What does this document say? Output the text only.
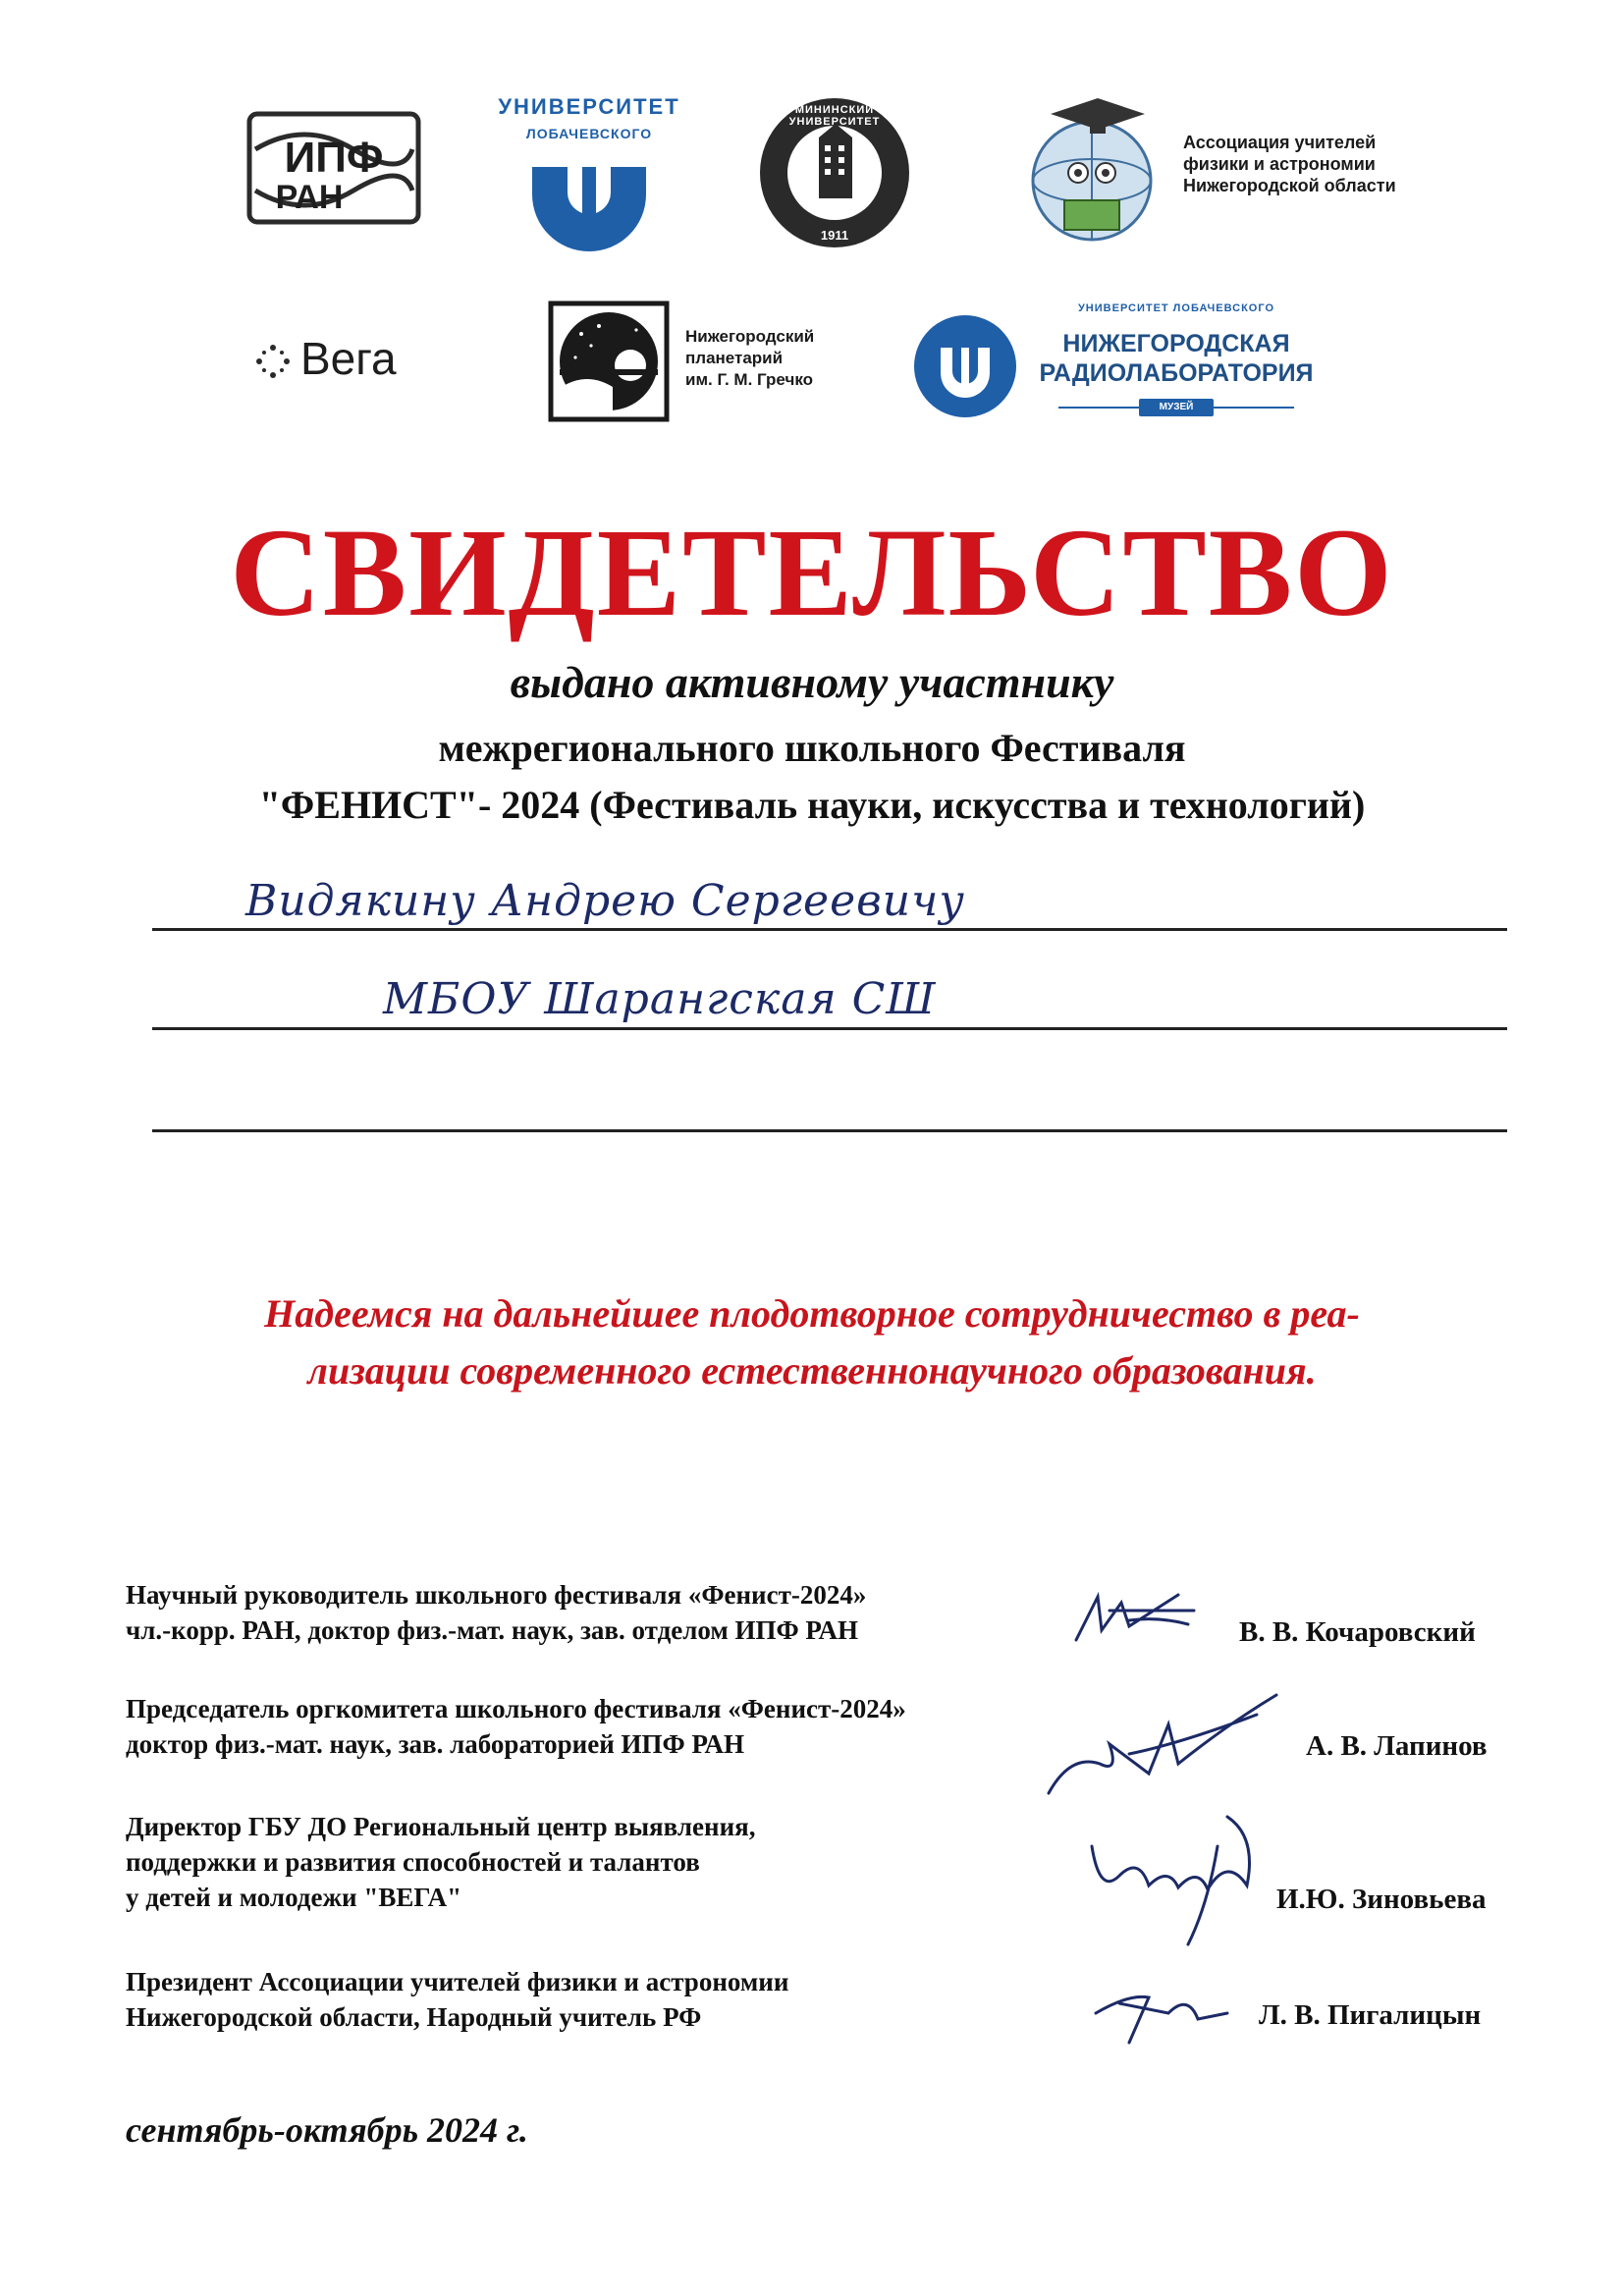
ИПФ
РАН
УНИВЕРСИТЕТ
ЛОБАЧЕВСКОГО
МИНИНСКИЙ УНИВЕРСИТЕТ
1911
Ассоциация учителей
физики и астрономии
Нижегородской области
Вега	Нижегородский
планетарий
им. Г. М. Гречко
УНИВЕРСИТЕТ ЛОБАЧЕВСКОГО
НИЖЕГОРОДСКАЯ
РАДИОЛАБОРАТОРИЯ
МУЗЕЙ
СВИДЕТЕЛЬСТВО
выдано активному участнику
межрегионального школьного Фестиваля
"ФЕНИСТ"- 2024 (Фестиваль науки, искусства и технологий)
Видякину Андрею Сергеевичу
МБОУ Шарангская СШ
Надеемся на дальнейшее плодотворное сотрудничество в реа-
лизации современного естественнонаучного образования.
Научный руководитель школьного фестиваля «Фенист-2024»
чл.-корр. РАН, доктор физ.-мат. наук, зав. отделом ИПФ РАН	В. В. Кочаровский
Председатель оргкомитета школьного фестиваля «Фенист-2024»
доктор физ.-мат. наук, зав. лабораторией ИПФ РАН	А. В. Лапинов
Директор ГБУ ДО Региональный центр выявления,
поддержки и развития способностей и талантов
у детей и молодежи "ВЕГА"	И.Ю. Зиновьева
Президент Ассоциации учителей физики и астрономии
Нижегородской области, Народный учитель РФ	Л. В. Пигалицын
сентябрь-октябрь 2024 г.
